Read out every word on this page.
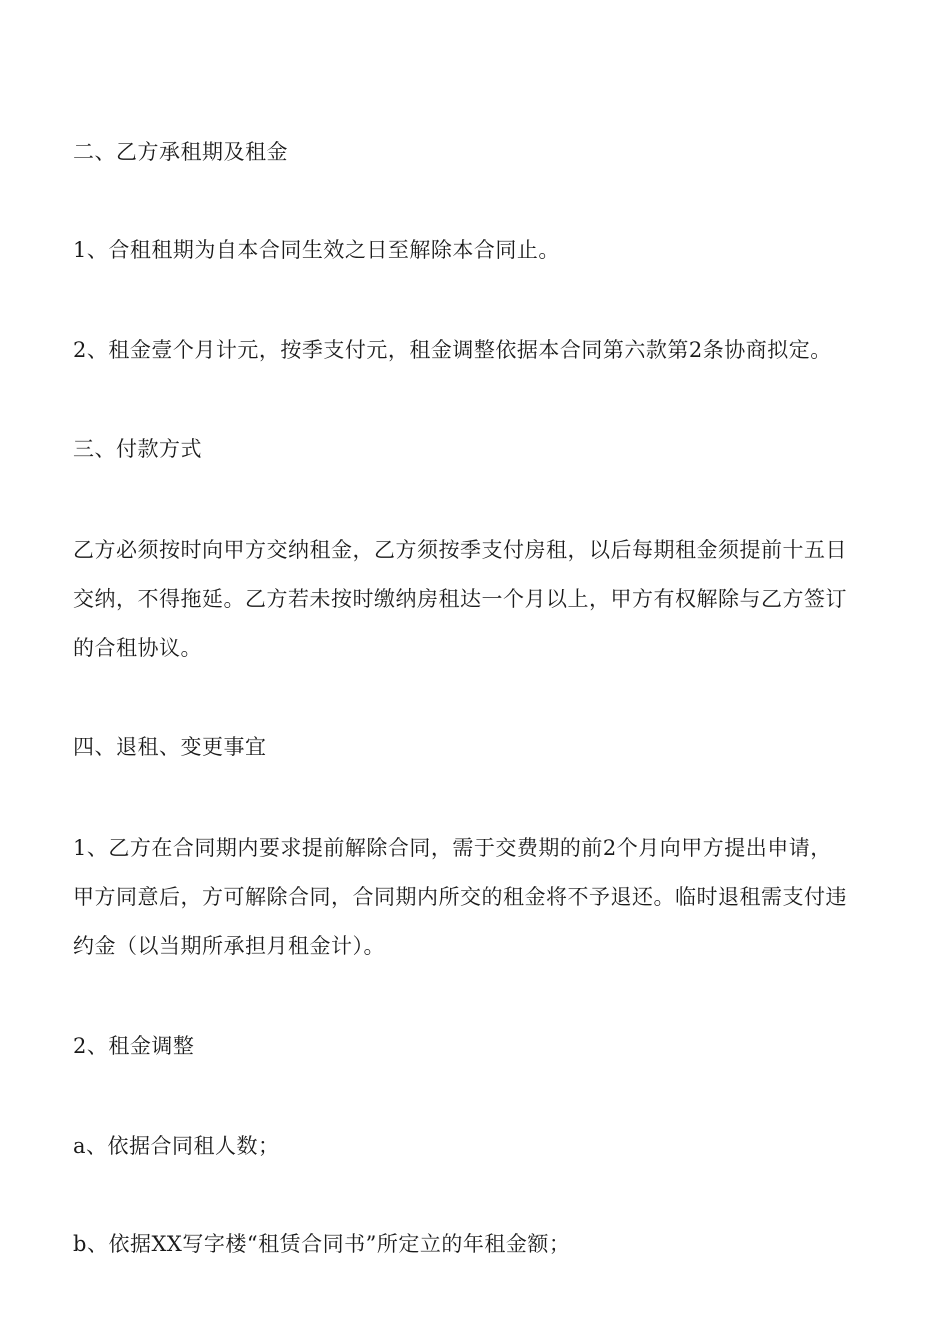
二、乙方承租期及租金
1、合租租期为自本合同生效之日至解除本合同止。
2、租金壹个月计元，按季支付元，租金调整依据本合同第六款第2条协商拟定。
三、付款方式
乙方必须按时向甲方交纳租金，乙方须按季支付房租，以后每期租金须提前十五日
交纳，不得拖延。乙方若未按时缴纳房租达一个月以上，甲方有权解除与乙方签订
的合租协议。
四、退租、变更事宜
1、乙方在合同期内要求提前解除合同，需于交费期的前2个月向甲方提出申请，
甲方同意后，方可解除合同，合同期内所交的租金将不予退还。临时退租需支付违
约金（以当期所承担月租金计）。
2、租金调整
a、依据合同租人数；
b、依据XX写字楼“租赁合同书”所定立的年租金额；
